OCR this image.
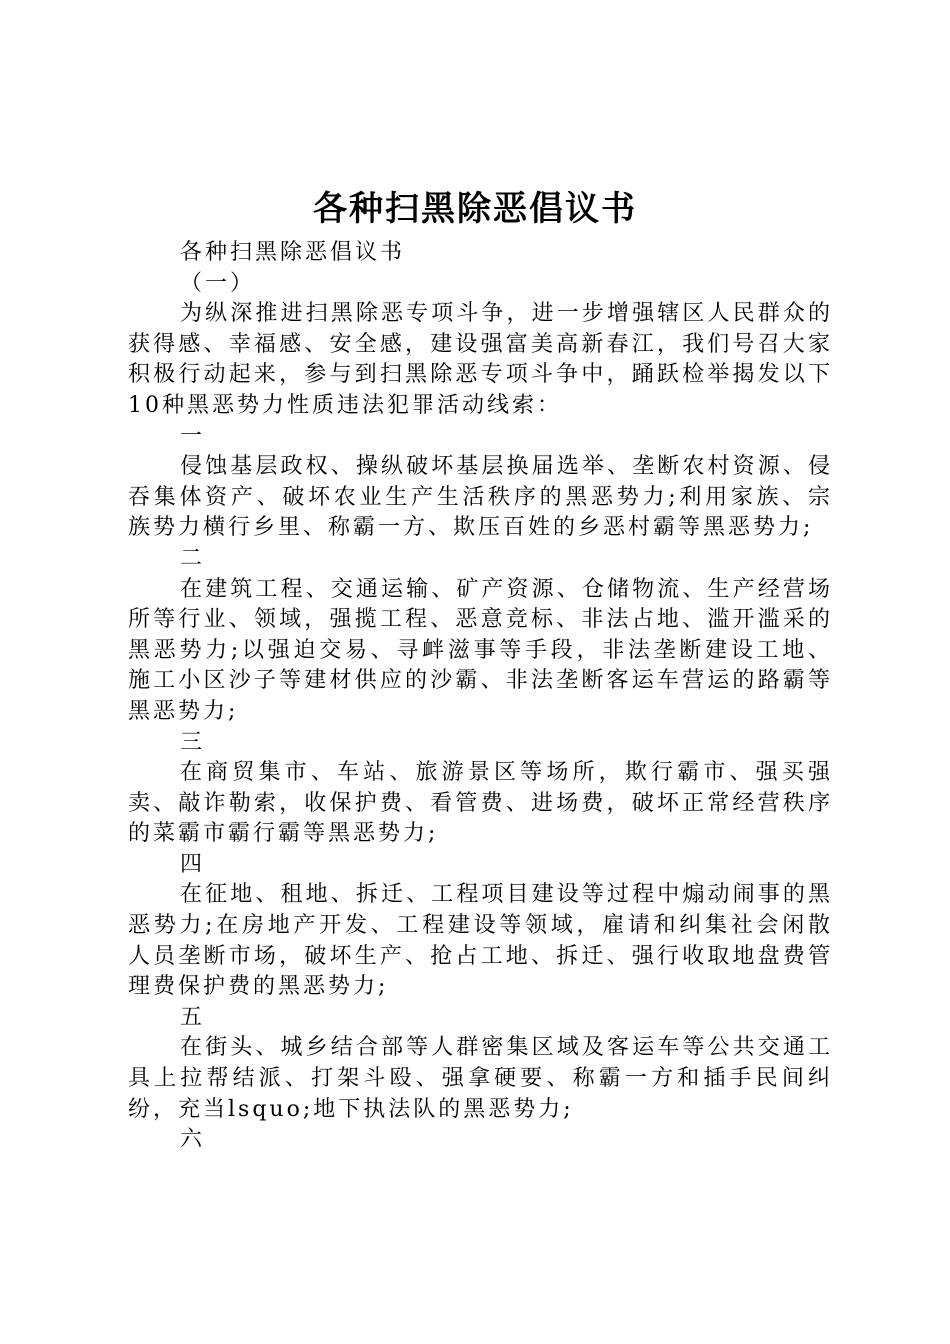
各种扫黑除恶倡议书

各种扫黑除恶倡议书

（一）

为纵深推进扫黑除恶专项斗争，进一步增强辖区人民群众的获得感、幸福感、安全感，建设强富美高新春江，我们号召大家积极行动起来，参与到扫黑除恶专项斗争中，踊跃检举揭发以下10种黑恶势力性质违法犯罪活动线索：

一

侵蚀基层政权、操纵破坏基层换届选举、垄断农村资源、侵吞集体资产、破坏农业生产生活秩序的黑恶势力;利用家族、宗族势力横行乡里、称霸一方、欺压百姓的乡恶村霸等黑恶势力;

二

在建筑工程、交通运输、矿产资源、仓储物流、生产经营场所等行业、领域，强揽工程、恶意竞标、非法占地、滥开滥采的黑恶势力;以强迫交易、寻衅滋事等手段，非法垄断建设工地、施工小区沙子等建材供应的沙霸、非法垄断客运车营运的路霸等黑恶势力;

三

在商贸集市、车站、旅游景区等场所，欺行霸市、强买强卖、敲诈勒索，收保护费、看管费、进场费，破坏正常经营秩序的菜霸市霸行霸等黑恶势力;

四

在征地、租地、拆迁、工程项目建设等过程中煽动闹事的黑恶势力;在房地产开发、工程建设等领域，雇请和纠集社会闲散人员垄断市场，破坏生产、抢占工地、拆迁、强行收取地盘费管理费保护费的黑恶势力;

五

在街头、城乡结合部等人群密集区域及客运车等公共交通工具上拉帮结派、打架斗殴、强拿硬要、称霸一方和插手民间纠纷，充当lsquo;地下执法队的黑恶势力;

六
